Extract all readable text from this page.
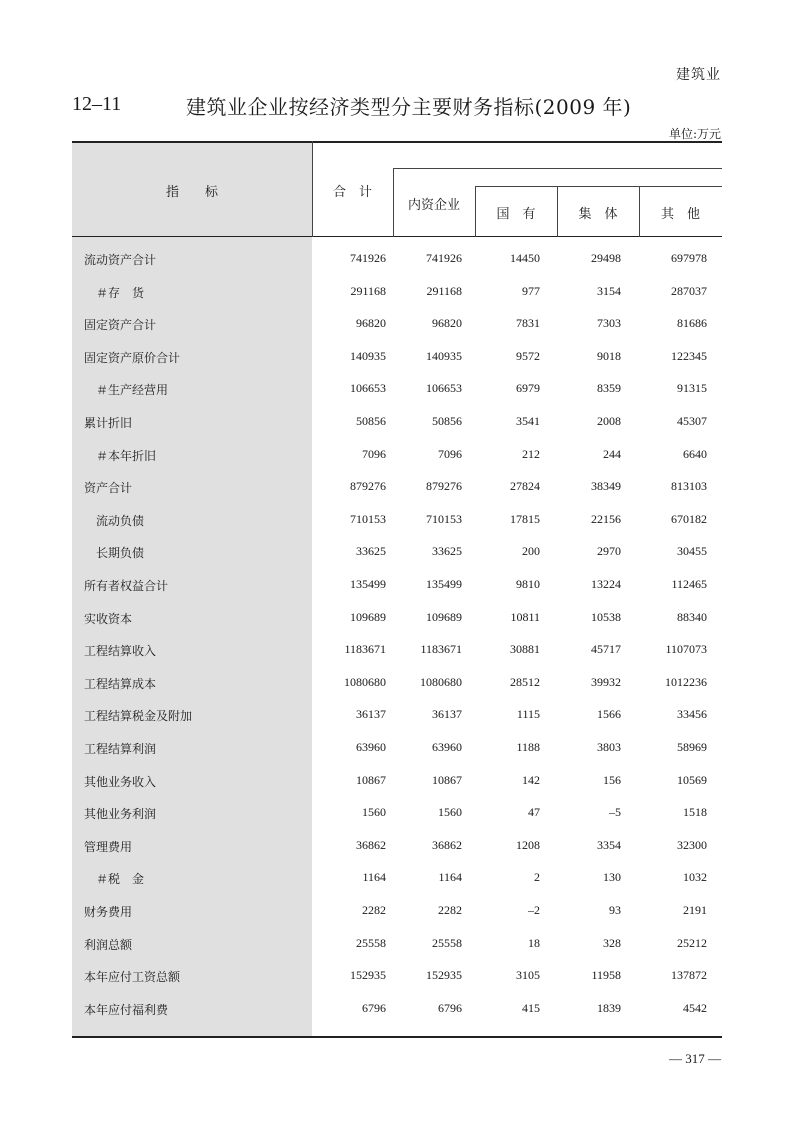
建筑业
12–11	建筑业企业按经济类型分主要财务指标(2009 年)
单位:万元
指　　标	合　计
内资企业
国　有	集　体	其　他
流动资产合计	741926	741926	14450	29498	697978
＃存　货	291168	291168	977	3154	287037
固定资产合计	96820	96820	7831	7303	81686
固定资产原价合计	140935	140935	9572	9018	122345
＃生产经营用	106653	106653	6979	8359	91315
累计折旧	50856	50856	3541	2008	45307
＃本年折旧	7096	7096	212	244	6640
资产合计	879276	879276	27824	38349	813103
流动负债	710153	710153	17815	22156	670182
长期负债	33625	33625	200	2970	30455
所有者权益合计	135499	135499	9810	13224	112465
实收资本	109689	109689	10811	10538	88340
工程结算收入	1183671	1183671	30881	45717	1107073
工程结算成本	1080680	1080680	28512	39932	1012236
工程结算税金及附加	36137	36137	1115	1566	33456
工程结算利润	63960	63960	1188	3803	58969
其他业务收入	10867	10867	142	156	10569
其他业务利润	1560	1560	47	–5	1518
管理费用	36862	36862	1208	3354	32300
＃税　金	1164	1164	2	130	1032
财务费用	2282	2282	–2	93	2191
利润总额	25558	25558	18	328	25212
本年应付工资总额	152935	152935	3105	11958	137872
本年应付福利费	6796	6796	415	1839	4542
— 317 —
